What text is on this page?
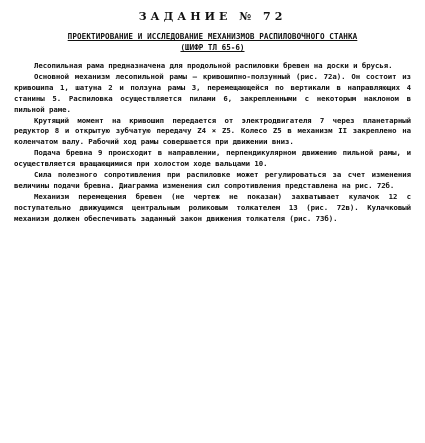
ЗАДАНИЕ № 72
ПРОЕКТИРОВАНИЕ И ИССЛЕДОВАНИЕ МЕХАНИЗМОВ РАСПИЛОВОЧНОГО СТАНКА
(ШИФР ТЛ 65-6)

Лесопильная рама предназначена для продольной распиловки бревен на доски и брусья.

Основной механизм лесопильной рамы — кривошипно-ползунный (рис. 72а). Он состоит из кривошипа 1, шатуна 2 и ползуна рамы 3, перемещающейся по вертикали в направляющих 4 станины 5. Распиловка осуществляется пилами 6, закрепленными с некоторым наклоном в пильной раме.

Крутящий момент на кривошип передается от электродвигателя 7 через планетарный редуктор 8 и открытую зубчатую передачу Z4 × Z5. Колесо Z5 в механизм II закреплено на коленчатом валу. Рабочий ход рамы совершается при движении вниз.

Подача бревна 9 происходит в направлении, перпендикулярном движению пильной рамы, и осуществляется вращающимися при холостом ходе вальцами 10.

Сила полезного сопротивления при распиловке может регулироваться за счет изменения величины подачи бревна. Диаграмма изменения сил сопротивления представлена на рис. 72б.

Механизм перемещения бревен (не чертеж не показан) захватывает кулачок 12 с поступательно движущимся центральным роликовым толкателем 13 (рис. 72в). Кулачковый механизм должен обеспечивать заданный закон движения толкателя (рис. 73б).
